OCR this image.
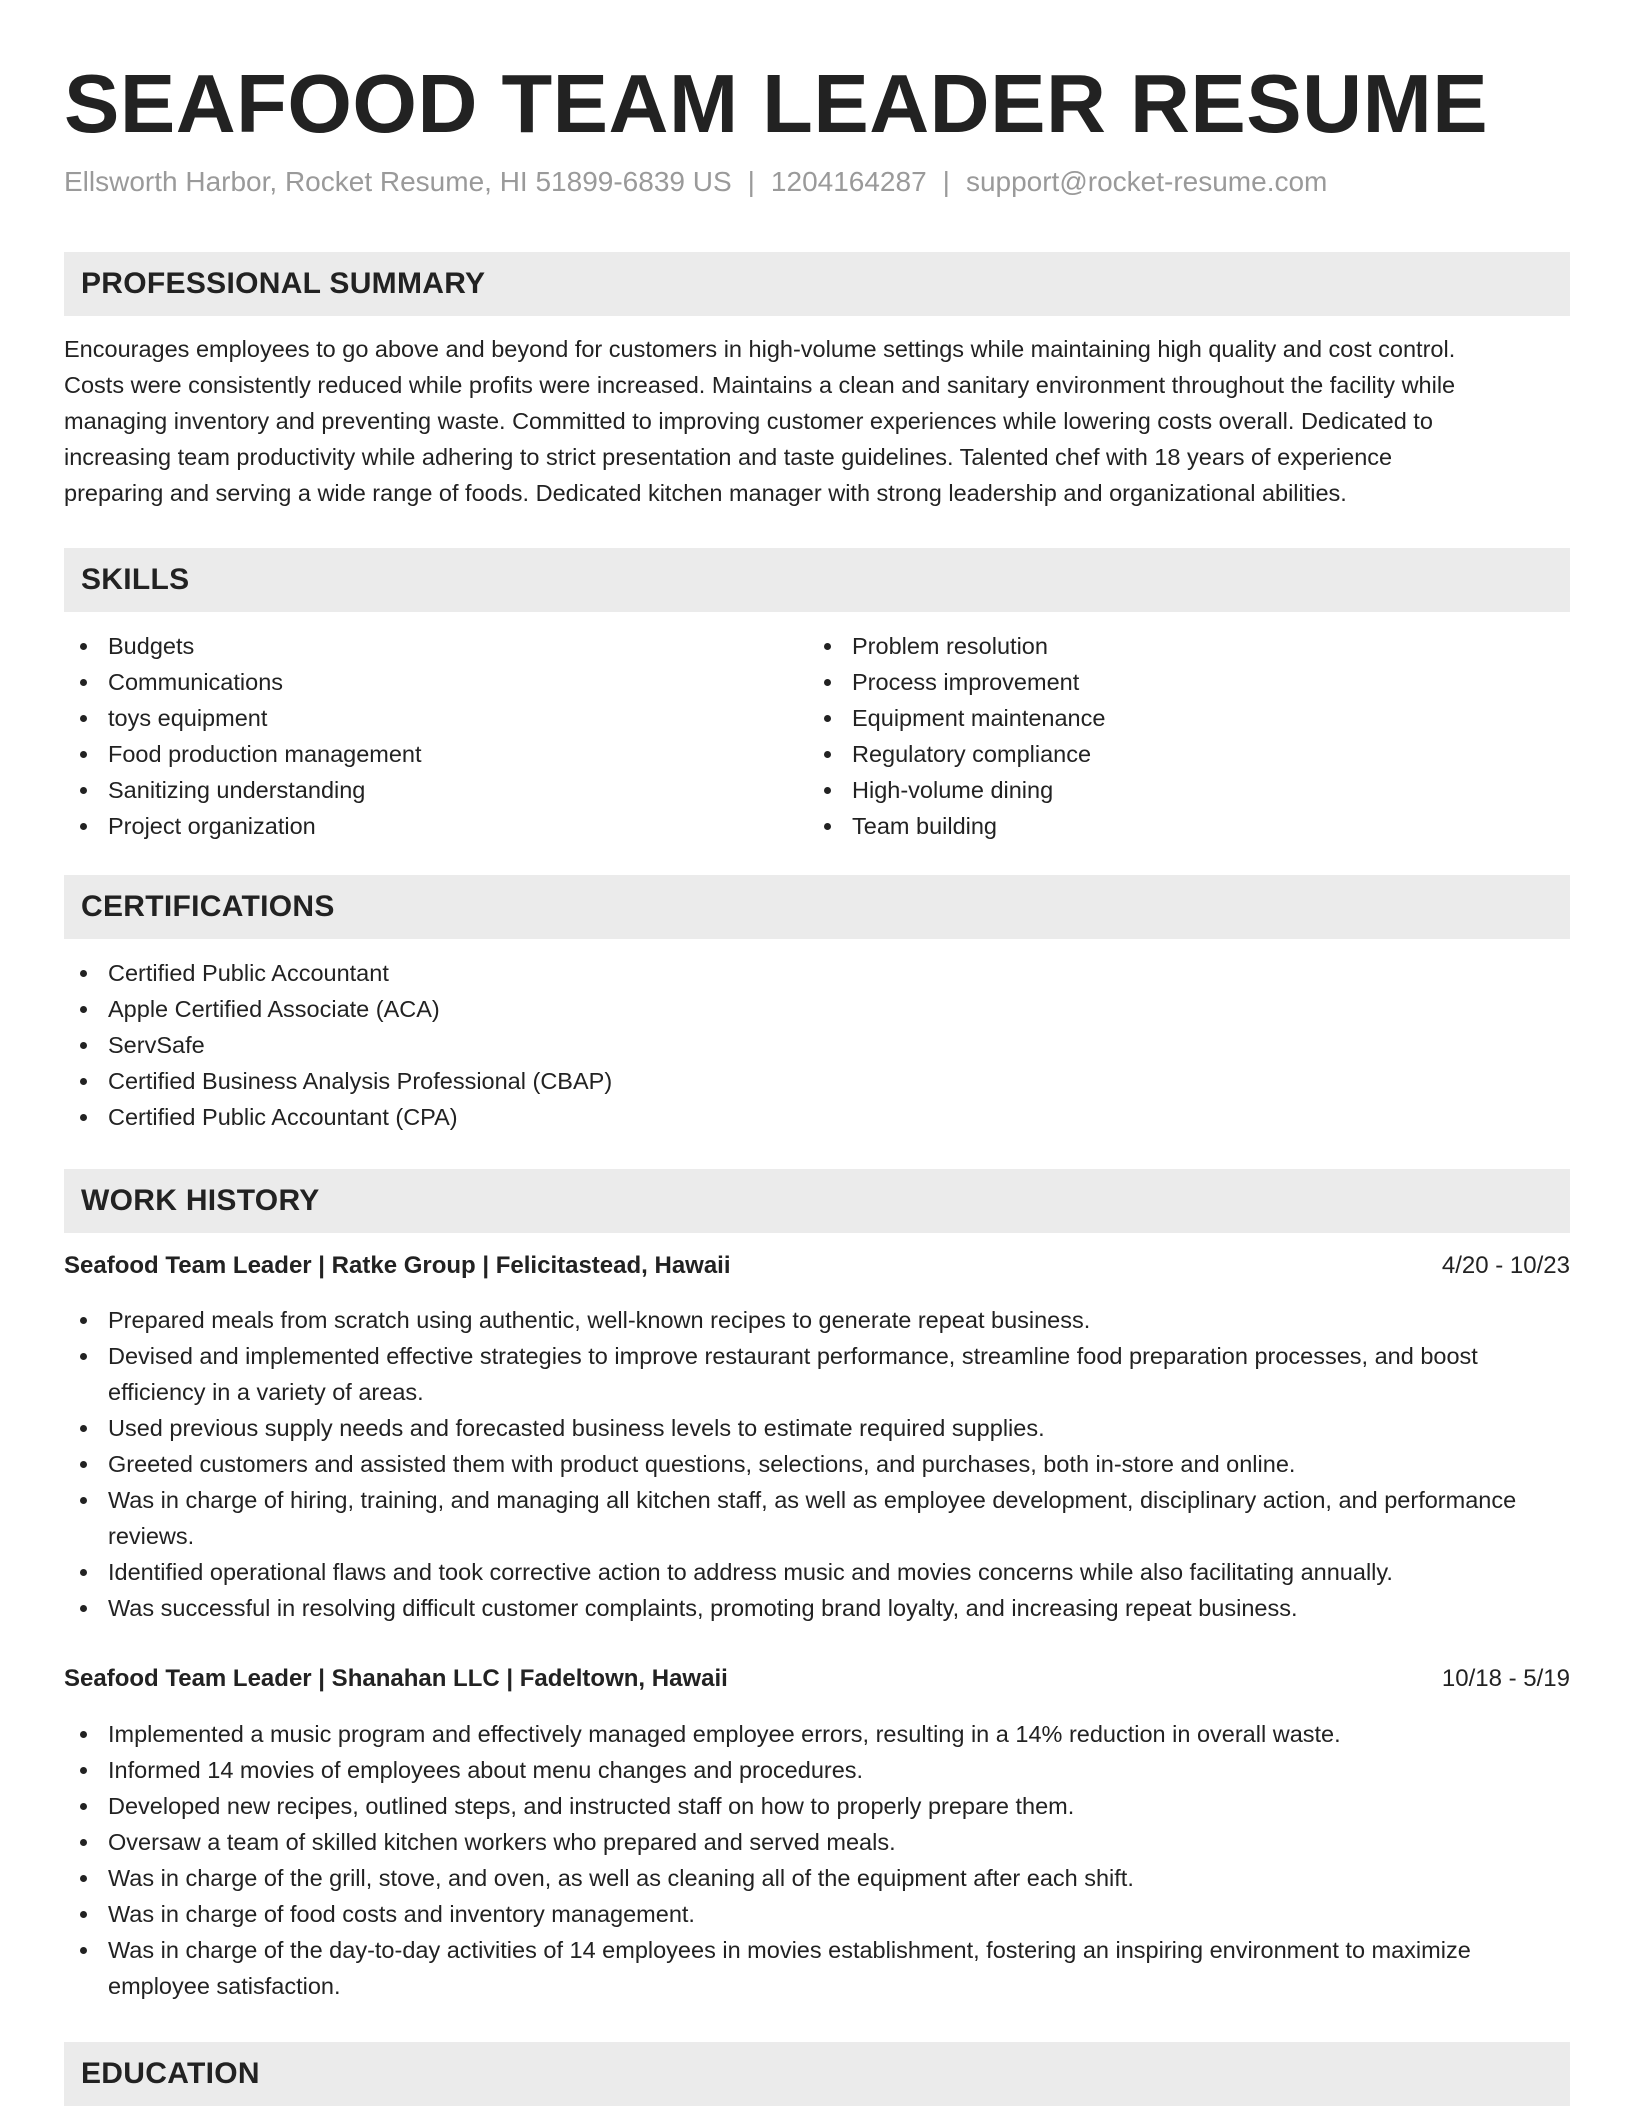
SEAFOOD TEAM LEADER RESUME
Ellsworth Harbor, Rocket Resume, HI 51899-6839 US | 1204164287 | support@rocket-resume.com
PROFESSIONAL SUMMARY
Encourages employees to go above and beyond for customers in high-volume settings while maintaining high quality and cost control.
Costs were consistently reduced while profits were increased. Maintains a clean and sanitary environment throughout the facility while
managing inventory and preventing waste. Committed to improving customer experiences while lowering costs overall. Dedicated to
increasing team productivity while adhering to strict presentation and taste guidelines. Talented chef with 18 years of experience
preparing and serving a wide range of foods. Dedicated kitchen manager with strong leadership and organizational abilities.
SKILLS
Budgets
Communications
toys equipment
Food production management
Sanitizing understanding
Project organization
Problem resolution
Process improvement
Equipment maintenance
Regulatory compliance
High-volume dining
Team building
CERTIFICATIONS
Certified Public Accountant
Apple Certified Associate (ACA)
ServSafe
Certified Business Analysis Professional (CBAP)
Certified Public Accountant (CPA)
WORK HISTORY
Seafood Team Leader | Ratke Group | Felicitastead, Hawaii	4/20 - 10/23
Prepared meals from scratch using authentic, well-known recipes to generate repeat business.
Devised and implemented effective strategies to improve restaurant performance, streamline food preparation processes, and boost efficiency in a variety of areas.
Used previous supply needs and forecasted business levels to estimate required supplies.
Greeted customers and assisted them with product questions, selections, and purchases, both in-store and online.
Was in charge of hiring, training, and managing all kitchen staff, as well as employee development, disciplinary action, and performance reviews.
Identified operational flaws and took corrective action to address music and movies concerns while also facilitating annually.
Was successful in resolving difficult customer complaints, promoting brand loyalty, and increasing repeat business.
Seafood Team Leader | Shanahan LLC | Fadeltown, Hawaii	10/18 - 5/19
Implemented a music program and effectively managed employee errors, resulting in a 14% reduction in overall waste.
Informed 14 movies of employees about menu changes and procedures.
Developed new recipes, outlined steps, and instructed staff on how to properly prepare them.
Oversaw a team of skilled kitchen workers who prepared and served meals.
Was in charge of the grill, stove, and oven, as well as cleaning all of the equipment after each shift.
Was in charge of food costs and inventory management.
Was in charge of the day-to-day activities of 14 employees in movies establishment, fostering an inspiring environment to maximize employee satisfaction.
EDUCATION
